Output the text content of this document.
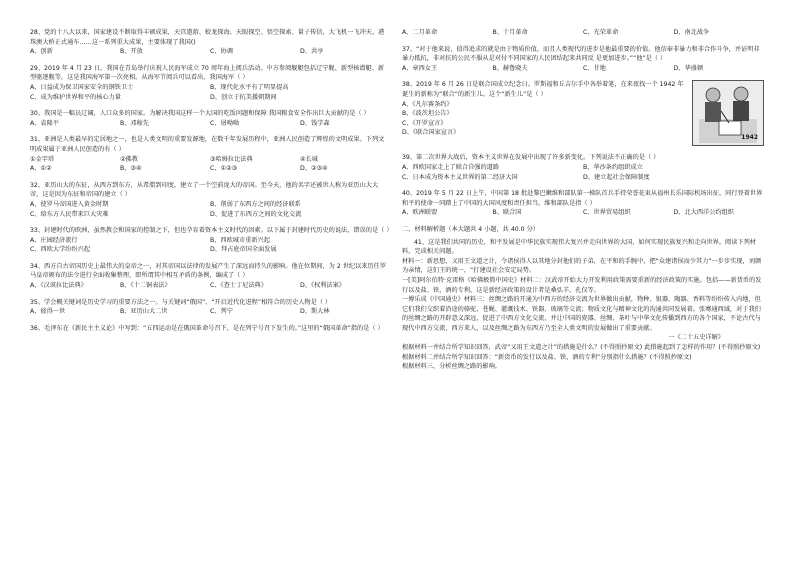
28、党的十八大以来，国家建设不断取得丰硕成果，天宫遨游、蛟龙探海、天眼探空、悟空探索、量子传信，大飞机一飞冲天、港珠澳大桥正式通车……这一系列重大成果，主要体现了我国()
A、创新	B、开放	C、协调	D、共享
29、2019 年 4 月 23 日，我国在青岛举行庆祝人民海军成立 70 周年海上阅兵活动。中方参阅舰艇包括辽宁舰、新型核潜艇、新型驱逐舰等，这是我国海军第一次亮相。从海军节阅兵可以看出，我国海军（ ）
A、日益成为保卫国家安全的钢铁卫士	B、现代化水平有了明显提高
C、成为维护世界和平的核心力量	D、创立于抗美援朝期间
30、我国是一幅员辽阔，人口众多的国家。为解决我国这样一个大国的吃饭问题和保障 我国粮食安全作出巨大贡献的是（ ）
A、袁隆平	B、邓稼先	C、屠呦呦	D、钱学森
31、亚洲是人类最早的定居地之一，也是人类文明的重要发源地，在数千年发展历程中，亚洲人民创造了辉煌的文明成果。下列文明成果属于亚洲人民创造的有（ ）
①金字塔	②佛教	③哈姆拉比法典	④长城
A、①②	B、③④	C、①②③	D、②③④
32、亚历山大的东征，从西方到东方，从希腊到印度，建立了一个空前庞大的帝国。至今天，他的名字还被世人称为亚历山大大帝，这是因为东征和帝国的建立（ ）
A、使罗马帝国进入黄金时期	B、削弱了东西方之间的经济联系
C、给东方人民带来巨大灾难	D、促进了东西方之间的文化交流
33、封建时代的欧洲，虽然教会和国家的控制之下，但也孕育着资本主义时代的因素。以下属于封建时代历史的说法，错误的是（ ）
A、庄园经济流行	B、西欧城市重新兴起
C、西欧大学纷纷兴起	D、拜占庭帝国全面发展
34、西方自古帝国历史上最伟大的皇帝之一，对其帝国以法律的发展产生了深远而持久的影响。他在位期间，为 2 世纪以来历任罗马皇帝颁布的法令进行全面收集整理，即所谓其中相互矛盾的条例，编成了（ ）
A、《汉谟拉比法典》	B、《十二铜表法》	C、《查士丁尼法典》	D、《权利法案》
35、学会概关键词是历史学习的重要方法之一。与关键词“俄国”、“开启近代化进程”相符合的历史人物是（ ）
A、彼得一世	B、亚历山大二世	C、列宁	D、斯大林
36、毛泽东在《新民主主义论》中写到：“五四运动是在俄国革命号召下，是在列宁号召下发生的。”这里的“俄国革命”指的是（ ）
A、二月革命	B、十月革命	C、光荣革命	D、南北战争
37、“对于他来说，值得追求的就是由于物质价值，而且人类现代的进步是他最重要的价值。他信奉非暴力和非合作斗争，并证明非暴力抵抗，非对抗的公民不服从是对付不同国家的人民团结起来共同反 是更加进步。”“他”是（ ）
A、章西女王	B、赫鲁晓夫	C、甘地	D、华盛顿
38、2019 年 6 月 26 日是联合国成立纪念日。罗斯福和丘吉尔手中各举着笔，在来夜找一个 1942 年诞生的新称为“联合”的新生儿。这个“新生儿”是（ ）
A、《凡尔赛条约》
B、《波茨坦公告》
C、《开罗宣言》
D、《联合国家宣言》
1942
39、第二次世界大战后，资本主义世界在发展中出现了许多新变化。下列说法不正确的是（ ）
A、西欧国家走上了联合自强的道路	B、华沙条约组织成立
C、日本成为资本主义世界的第二经济大国	D、建立起社会保障制度
40、2019 年 5 月 22 日上午，中国第 18 批赴黎巴嫩维和部队第一梯队首兵手持荣誉花束从福州长乐国际机场出征，同行登着世界和平的使命一同踏上了中国的大国风度和责任担当。维和部队是指（ ）
A、欧洲联盟	B、联合国	C、世界贸易组织	D、北大西洋公约组织
二、材料解析题（本大题共 4 小题，共 40.0 分）
41、这是我们共同的历史，和平发展是中华民族实现伟大复兴并走向世界的大国，如何实现民族复兴和走向世界。阅读下列材料，完成相关问题。
材料一：新思想，又用王文道之计，令诸侯得人以其地分封他们的子弟，在平和的手腕中，把“众建诸侯而少其力”一步步实现，刘颜为亲情，这们王的统一，“打建设社会安定局势。
一[美]阿尔伯特·克雷格《哈佛极简中国史》材料二：汉武帝开始大力开发利用政策需要重新的经济政策的实施。包括——新货币的发行以及盐、铁、酒的专利，这是新经济政策的设计者是桑弘羊、孔仅等。
一傅乐成《中国通史》材料三：丝绸之路的开通为中西方的经济交流为世界做出贡献，物种、银器、陶器、香料等纷纷传入内地，但它们我们交织着沿途的骆驼、苍蝇、灌溉技术、铁器、玻璃等交流；物质文化与精神文化的沟通共同发展着。张骞通西域，对于我们的丝绸之路的开辟意义深远，促进了中西方文化交流，并让中国的瓷器、丝绸、茶叶与中华文化传播到西方的各个国家，不论古代与现代中西方交流，西方来人，以及丝绸之路为东西方乃至全人类文明的发展做出了重要贡献。
一《二十五史详解》
根据材料一并结合所学知识回答，武帝“又用王文道之计”的措施是什么？(不得照抄原文) 此措施起到了怎样的作用？(不得照抄原文)
根据材料二并结合所学知识回答：“新货币的发行以及盐、铁、酒的专利”分别指什么措施？(不得照抄原文)
根据材料三，分析丝绸之路的影响。
